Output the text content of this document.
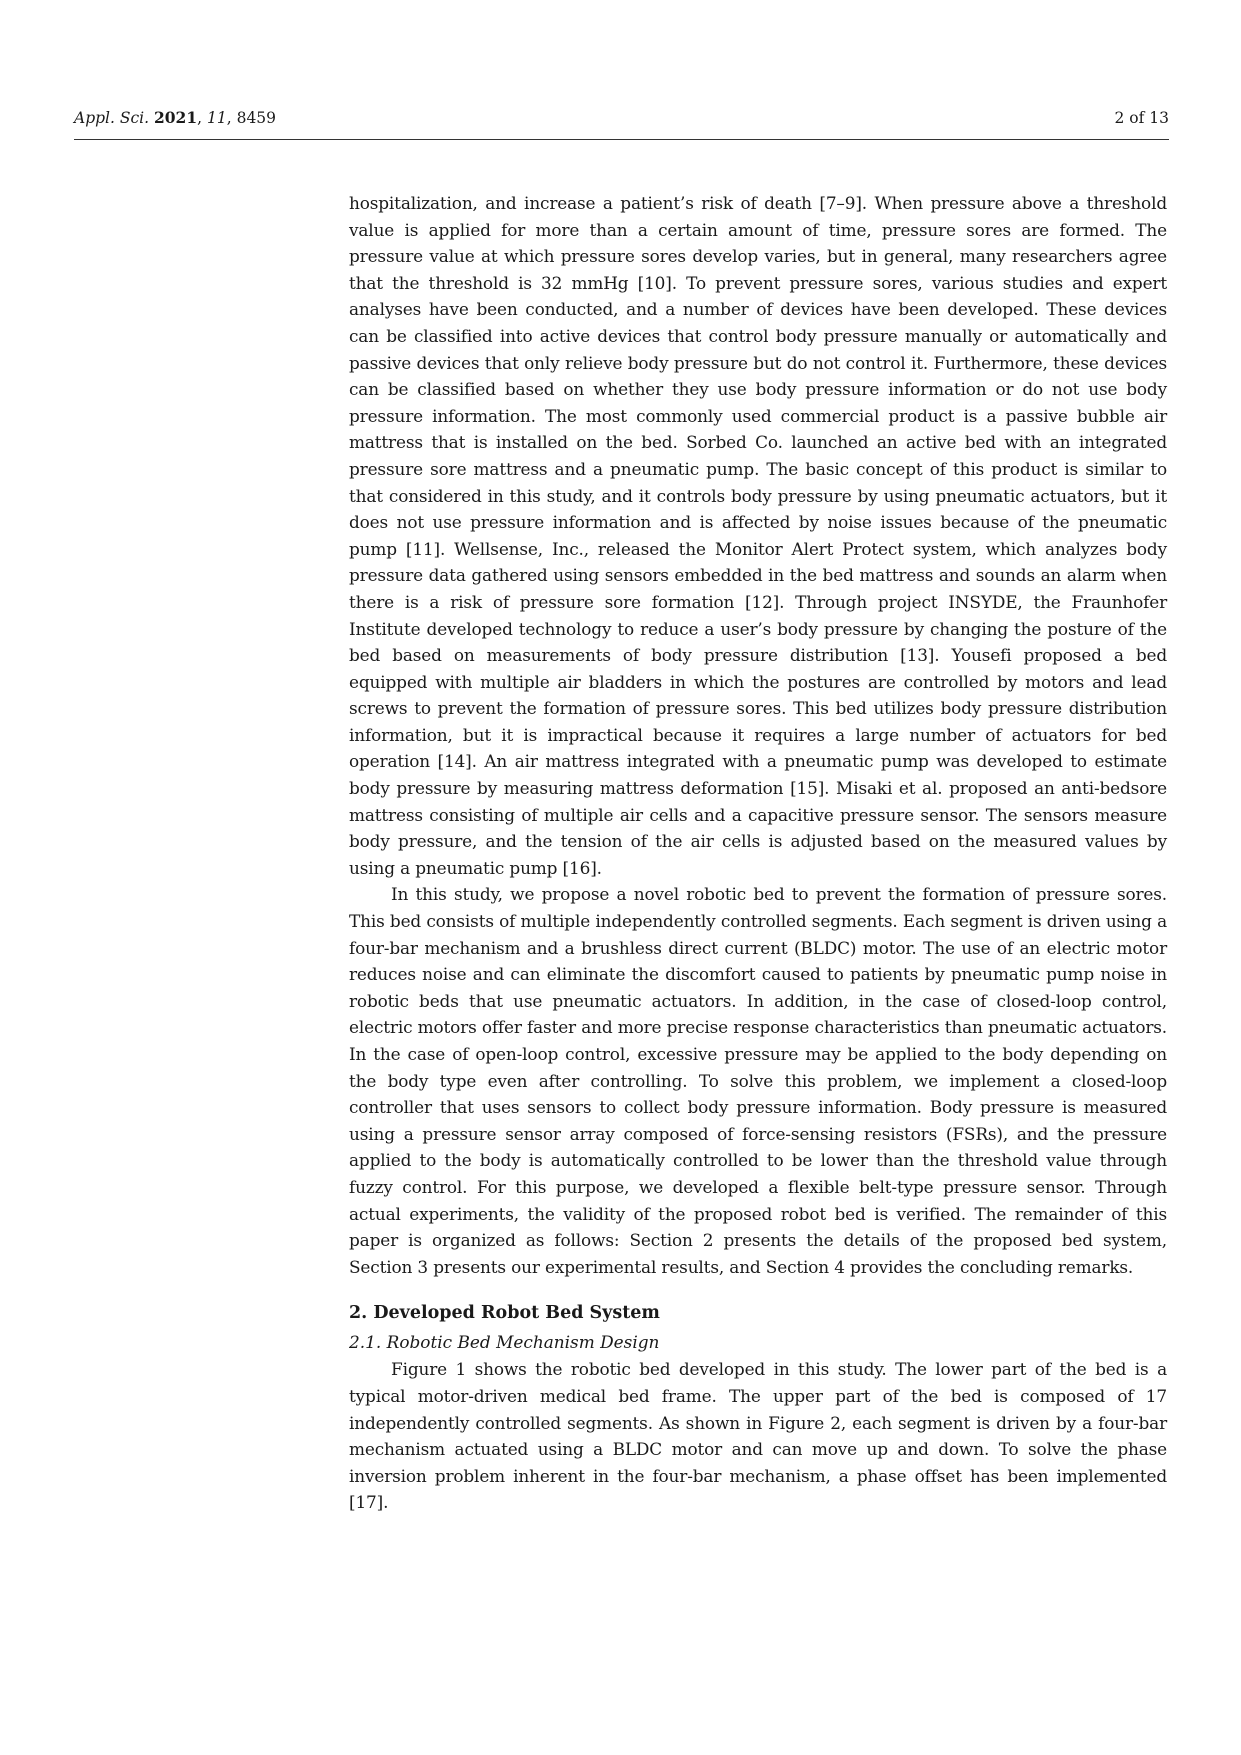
Appl. Sci. 2021, 11, 8459	2 of 13

hospitalization, and increase a patient’s risk of death [7–9]. When pressure above a threshold value is applied for more than a certain amount of time, pressure sores are formed. The pressure value at which pressure sores develop varies, but in general, many researchers agree that the threshold is 32 mmHg [10]. To prevent pressure sores, various studies and expert analyses have been conducted, and a number of devices have been developed. These devices can be classified into active devices that control body pressure manually or automatically and passive devices that only relieve body pressure but do not control it. Furthermore, these devices can be classified based on whether they use body pressure information or do not use body pressure information. The most commonly used commercial product is a passive bubble air mattress that is installed on the bed. Sorbed Co. launched an active bed with an integrated pressure sore mattress and a pneumatic pump. The basic concept of this product is similar to that considered in this study, and it controls body pressure by using pneumatic actuators, but it does not use pressure information and is affected by noise issues because of the pneumatic pump [11]. Wellsense, Inc., released the Monitor Alert Protect system, which analyzes body pressure data gathered using sensors embedded in the bed mattress and sounds an alarm when there is a risk of pressure sore formation [12]. Through project INSYDE, the Fraunhofer Institute developed technology to reduce a user’s body pressure by changing the posture of the bed based on measurements of body pressure distribution [13]. Yousefi proposed a bed equipped with multiple air bladders in which the postures are controlled by motors and lead screws to prevent the formation of pressure sores. This bed utilizes body pressure distribution information, but it is impractical because it requires a large number of actuators for bed operation [14]. An air mattress integrated with a pneumatic pump was developed to estimate body pressure by measuring mattress deformation [15]. Misaki et al. proposed an anti-bedsore mattress consisting of multiple air cells and a capacitive pressure sensor. The sensors measure body pressure, and the tension of the air cells is adjusted based on the measured values by using a pneumatic pump [16].

In this study, we propose a novel robotic bed to prevent the formation of pressure sores. This bed consists of multiple independently controlled segments. Each segment is driven using a four-bar mechanism and a brushless direct current (BLDC) motor. The use of an electric motor reduces noise and can eliminate the discomfort caused to patients by pneumatic pump noise in robotic beds that use pneumatic actuators. In addition, in the case of closed-loop control, electric motors offer faster and more precise response characteristics than pneumatic actuators. In the case of open-loop control, excessive pressure may be applied to the body depending on the body type even after controlling. To solve this problem, we implement a closed-loop controller that uses sensors to collect body pressure information. Body pressure is measured using a pressure sensor array composed of force-sensing resistors (FSRs), and the pressure applied to the body is automatically controlled to be lower than the threshold value through fuzzy control. For this purpose, we developed a flexible belt-type pressure sensor. Through actual experiments, the validity of the proposed robot bed is verified. The remainder of this paper is organized as follows: Section 2 presents the details of the proposed bed system, Section 3 presents our experimental results, and Section 4 provides the concluding remarks.

2. Developed Robot Bed System
2.1. Robotic Bed Mechanism Design

Figure 1 shows the robotic bed developed in this study. The lower part of the bed is a typical motor-driven medical bed frame. The upper part of the bed is composed of 17 independently controlled segments. As shown in Figure 2, each segment is driven by a four-bar mechanism actuated using a BLDC motor and can move up and down. To solve the phase inversion problem inherent in the four-bar mechanism, a phase offset has been implemented [17].
